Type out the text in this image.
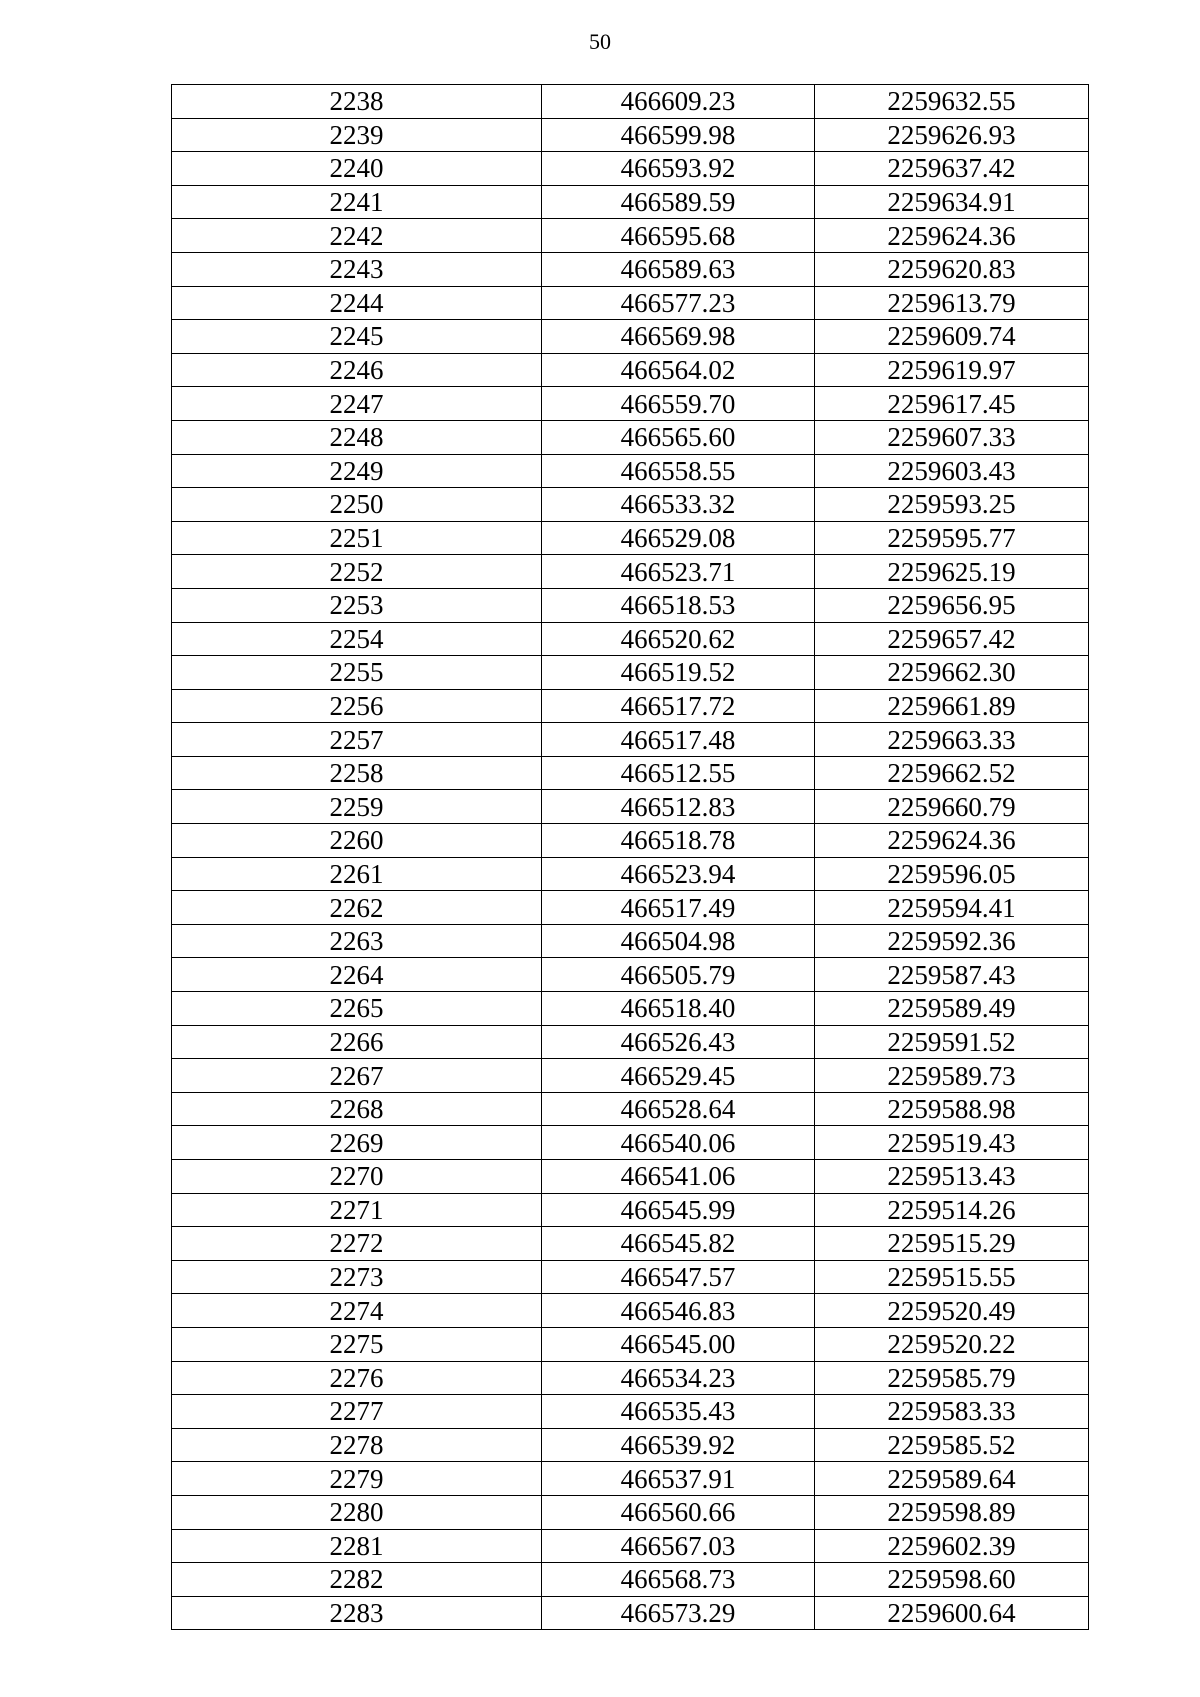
50
2238	466609.23	2259632.55
2239	466599.98	2259626.93
2240	466593.92	2259637.42
2241	466589.59	2259634.91
2242	466595.68	2259624.36
2243	466589.63	2259620.83
2244	466577.23	2259613.79
2245	466569.98	2259609.74
2246	466564.02	2259619.97
2247	466559.70	2259617.45
2248	466565.60	2259607.33
2249	466558.55	2259603.43
2250	466533.32	2259593.25
2251	466529.08	2259595.77
2252	466523.71	2259625.19
2253	466518.53	2259656.95
2254	466520.62	2259657.42
2255	466519.52	2259662.30
2256	466517.72	2259661.89
2257	466517.48	2259663.33
2258	466512.55	2259662.52
2259	466512.83	2259660.79
2260	466518.78	2259624.36
2261	466523.94	2259596.05
2262	466517.49	2259594.41
2263	466504.98	2259592.36
2264	466505.79	2259587.43
2265	466518.40	2259589.49
2266	466526.43	2259591.52
2267	466529.45	2259589.73
2268	466528.64	2259588.98
2269	466540.06	2259519.43
2270	466541.06	2259513.43
2271	466545.99	2259514.26
2272	466545.82	2259515.29
2273	466547.57	2259515.55
2274	466546.83	2259520.49
2275	466545.00	2259520.22
2276	466534.23	2259585.79
2277	466535.43	2259583.33
2278	466539.92	2259585.52
2279	466537.91	2259589.64
2280	466560.66	2259598.89
2281	466567.03	2259602.39
2282	466568.73	2259598.60
2283	466573.29	2259600.64
